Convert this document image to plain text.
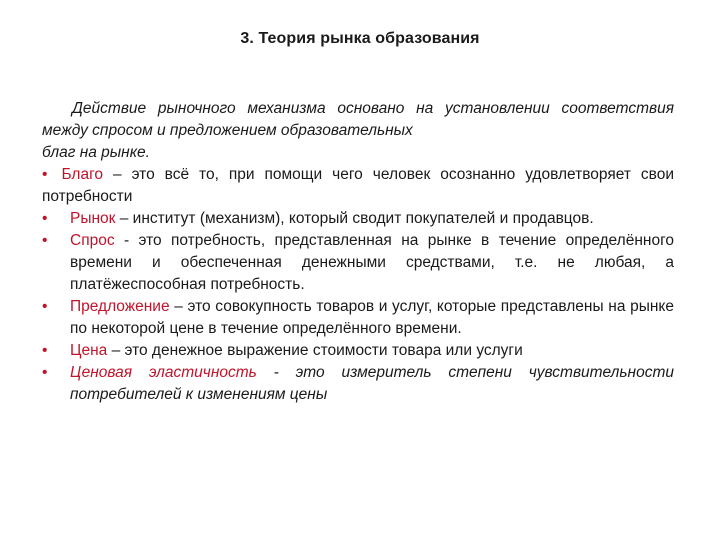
3. Теория рынка образования

Действие рыночного механизма основано на установлении соответствия между спросом и предложением образовательных

благ на рынке.

• Благо – это всё то, при помощи чего человек осознанно удовлетворяет свои потребности
• Рынок – институт (механизм), который сводит покупателей и продавцов.
• Спрос - это потребность, представленная на рынке в течение определённого времени и обеспеченная денежными средствами, т.е. не любая, а платёжеспособная потребность.
• Предложение – это совокупность товаров и услуг, которые представлены на рынке по некоторой цене в течение определённого времени.
• Цена – это денежное выражение стоимости товара или услуги
• Ценовая эластичность - это измеритель степени чувствительности потребителей к изменениям цены
